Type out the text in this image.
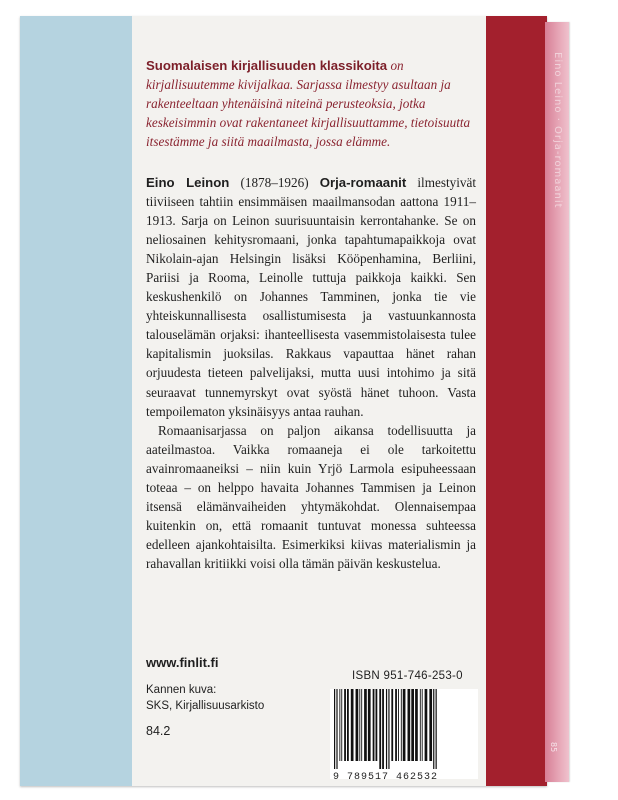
Eino Leino · Orja-romaanit
85

Suomalaisen kirjallisuuden klassikoita on kirjallisuutemme kivijalkaa. Sarjassa ilmestyy asultaan ja rakenteeltaan yhtenäisinä niteinä perusteoksia, jotka keskeisimmin ovat rakentaneet kirjallisuuttamme, tietoisuutta itsestämme ja siitä maailmasta, jossa elämme.

Eino Leinon (1878–1926) Orja-romaanit ilmestyivät tiiviiseen tahtiin ensimmäisen maailmansodan aattona 1911–1913. Sarja on Leinon suurisuuntaisin kerrontahanke. Se on neliosainen kehitysromaani, jonka tapahtumapaikkoja ovat Nikolain-ajan Helsingin lisäksi Kööpenhamina, Berliini, Pariisi ja Rooma, Leinolle tuttuja paikkoja kaikki. Sen keskushenkilö on Johannes Tamminen, jonka tie vie yhteiskunnallisesta osallistumisesta ja vastuunkannosta talouselämän orjaksi: ihanteellisesta vasemmistolaisesta tulee kapitalismin juoksilas. Rakkaus vapauttaa hänet rahan orjuudesta tieteen palvelijaksi, mutta uusi intohimo ja sitä seuraavat tunnemyrskyt ovat syöstä hänet tuhoon. Vasta tempoilematon yksinäisyys antaa rauhan.

Romaanisarjassa on paljon aikansa todellisuutta ja aateilmastoa. Vaikka romaaneja ei ole tarkoitettu avainromaaneiksi – niin kuin Yrjö Larmola esipuheessaan toteaa – on helppo havaita Johannes Tammisen ja Leinon itsensä elämänvaiheiden yhtymäkohdat. Olennaisempaa kuitenkin on, että romaanit tuntuvat monessa suhteessa edelleen ajankohtaisilta. Esimerkiksi kiivas materialismin ja rahavallan kritiikki voisi olla tämän päivän keskustelua.

www.finlit.fi

Kannen kuva:
SKS, Kirjallisuusarkisto

84.2

ISBN 951-746-253-0
9 789517 462532
